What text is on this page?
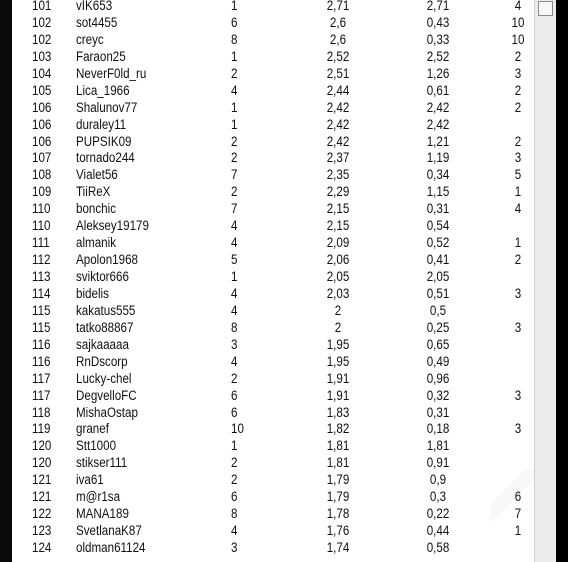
101 vIK653	1	2,71	2,71	4
102 sot4455	6	2,6	0,43	10
102 creyc	8	2,6	0,33	10
103 Faraon25	1	2,52	2,52	2
104 NeverF0ld_ru	2	2,51	1,26	3
105 Lica_1966	4	2,44	0,61	2
106 Shalunov77	1	2,42	2,42	2
106 duraley11	1	2,42	2,42
106 PUPSIK09	2	2,42	1,21	2
107 tornado244	2	2,37	1,19	3
108 Vialet56	7	2,35	0,34	5
109 TiiReX	2	2,29	1,15	1
110 bonchic	7	2,15	0,31	4
110 Aleksey19179	4	2,15	0,54
111 almanik	4	2,09	0,52	1
112 Apolon1968	5	2,06	0,41	2
113 sviktor666	1	2,05	2,05
114 bidelis	4	2,03	0,51	3
115 kakatus555	4	2	0,5
115 tatko88867	8	2	0,25	3
116 sajkaaaaa	3	1,95	0,65
116 RnDscorp	4	1,95	0,49
117 Lucky-chel	2	1,91	0,96
117 DegvelloFC	6	1,91	0,32	3
118 MishaOstap	6	1,83	0,31
119 granef	10	1,82	0,18	3
120 Stt1000	1	1,81	1,81
120 stikser111	2	1,81	0,91
121 iva61	2	1,79	0,9
121 m@r1sa	6	1,79	0,3	6
122 MANA189	8	1,78	0,22	7
123 SvetlanaK87	4	1,76	0,44	1
124 oldman61124	3	1,74	0,58
